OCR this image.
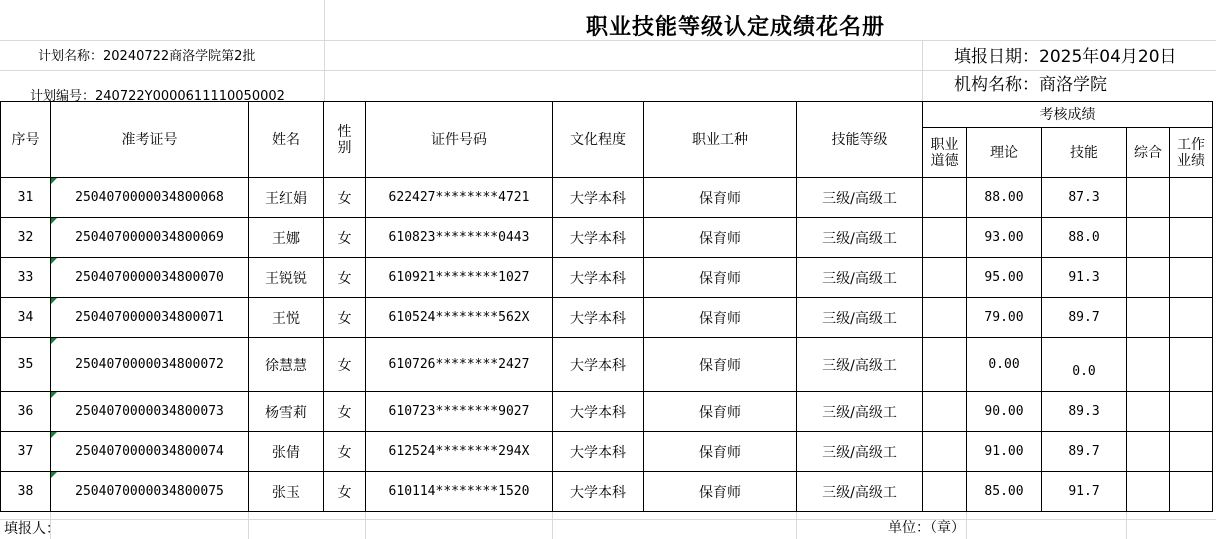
职业技能等级认定成绩花名册
计划名称：20240722商洛学院第2批
计划编号：240722Y0000611110050002
填报日期：2025年04月20日
机构名称：商洛学院
序号	准考证号	姓名	性别	证件号码	文化程度	职业工种	技能等级	考核成绩				
								职业道德	理论	技能	综合	工作业绩
31	2504070000034800068	王红娟	女	622427********4721	大学本科	保育师	三级/高级工		88.00	87.3		
32	2504070000034800069	王娜	女	610823********0443	大学本科	保育师	三级/高级工		93.00	88.0		
33	2504070000034800070	王锐锐	女	610921********1027	大学本科	保育师	三级/高级工		95.00	91.3		
34	2504070000034800071	王悦	女	610524********562X	大学本科	保育师	三级/高级工		79.00	89.7		
35	2504070000034800072	徐慧慧	女	610726********2427	大学本科	保育师	三级/高级工		0.00	0.0		
36	2504070000034800073	杨雪莉	女	610723********9027	大学本科	保育师	三级/高级工		90.00	89.3		
37	2504070000034800074	张倩	女	612524********294X	大学本科	保育师	三级/高级工		91.00	89.7		
38	2504070000034800075	张玉	女	610114********1520	大学本科	保育师	三级/高级工		85.00	91.7		
填报人：	单位：（章）
